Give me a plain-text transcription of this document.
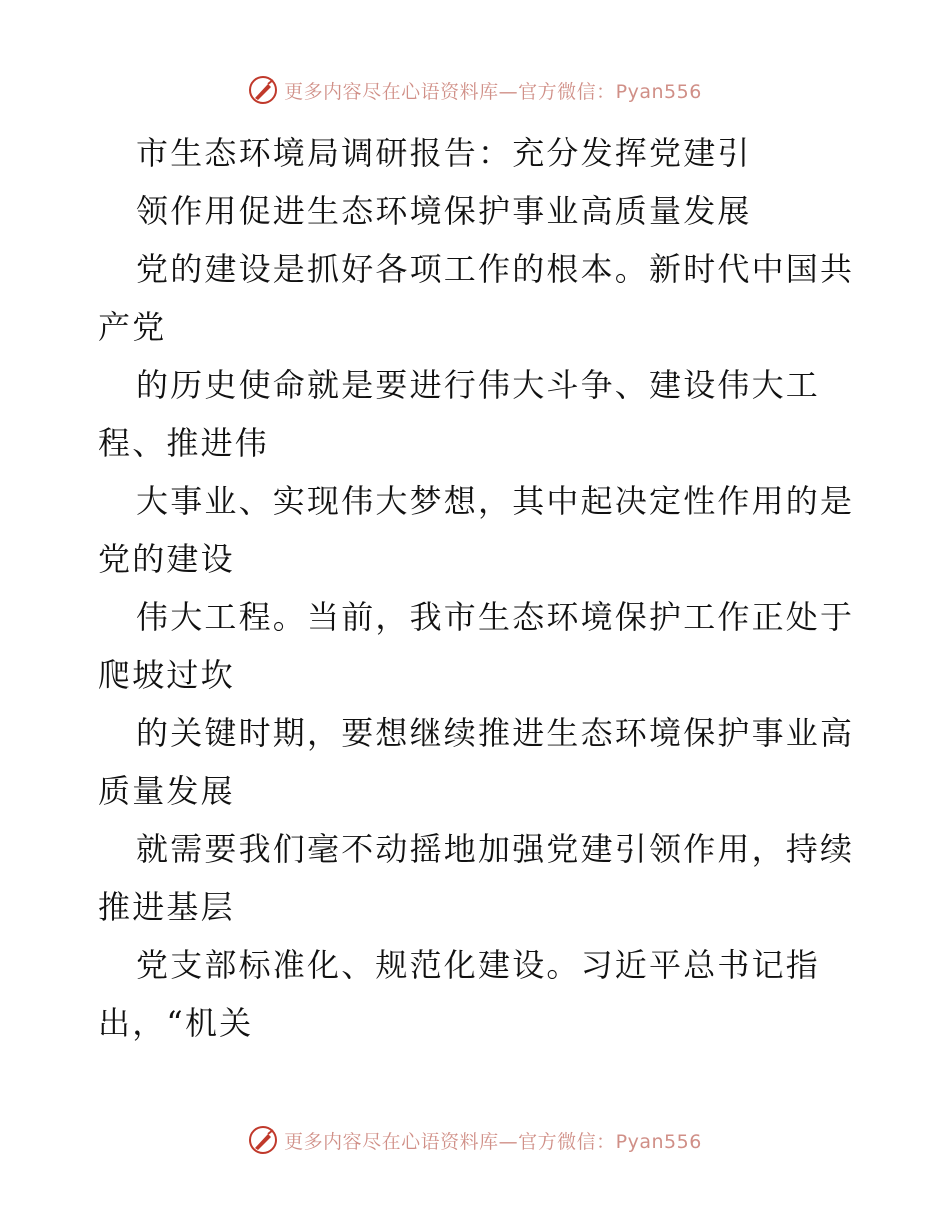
更多内容尽在心语资料库—官方微信：Pyan556
市生态环境局调研报告：充分发挥党建引
领作用促进生态环境保护事业高质量发展
党的建设是抓好各项工作的根本。新时代中国共
产党
的历史使命就是要进行伟大斗争、建设伟大工
程、推进伟
大事业、实现伟大梦想，其中起决定性作用的是
党的建设
伟大工程。当前，我市生态环境保护工作正处于
爬坡过坎
的关键时期，要想继续推进生态环境保护事业高
质量发展
就需要我们毫不动摇地加强党建引领作用，持续
推进基层
党支部标准化、规范化建设。习近平总书记指
出，“机关
更多内容尽在心语资料库—官方微信：Pyan556
